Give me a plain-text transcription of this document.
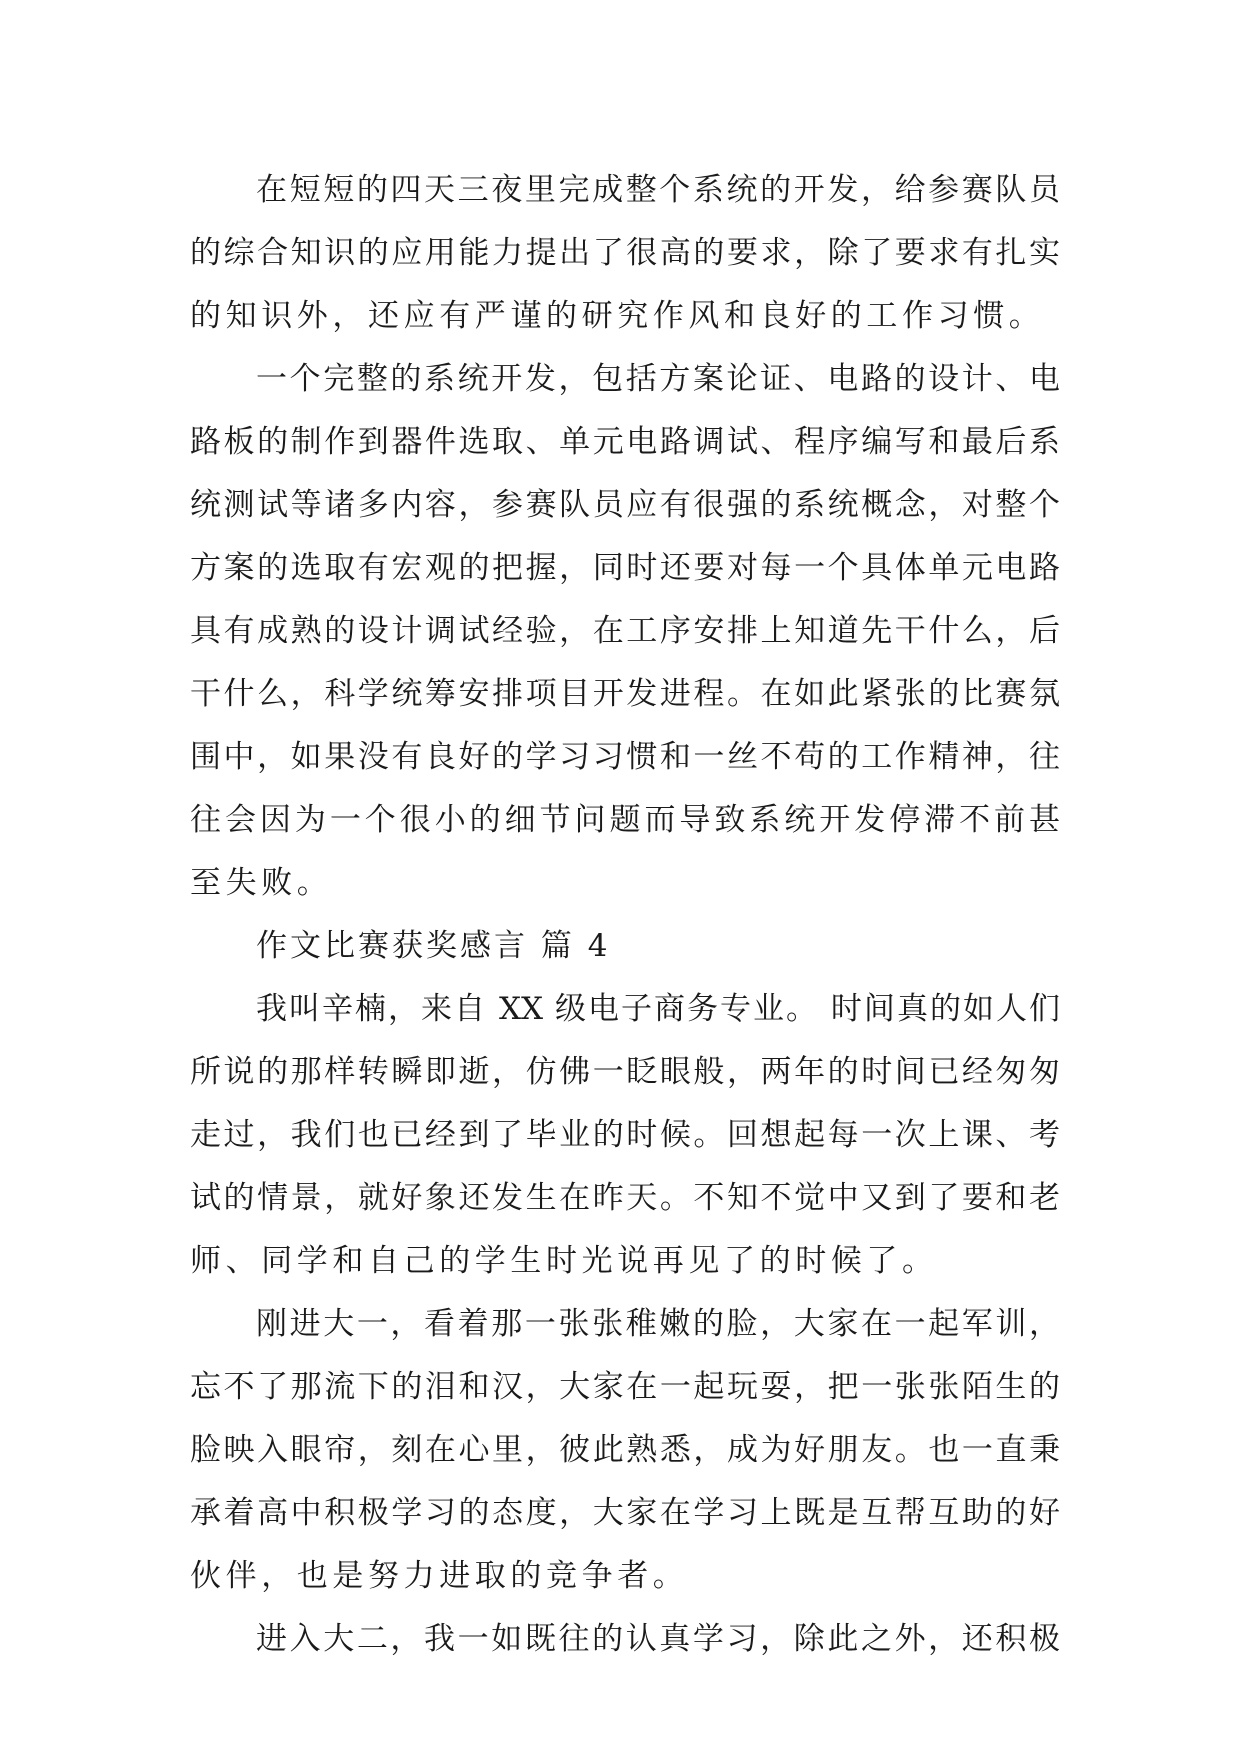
在短短的四天三夜里完成整个系统的开发，给参赛队员
的综合知识的应用能力提出了很高的要求，除了要求有扎实
的知识外，还应有严谨的研究作风和良好的工作习惯。
一个完整的系统开发，包括方案论证、电路的设计、电
路板的制作到器件选取、单元电路调试、程序编写和最后系
统测试等诸多内容，参赛队员应有很强的系统概念，对整个
方案的选取有宏观的把握，同时还要对每一个具体单元电路
具有成熟的设计调试经验，在工序安排上知道先干什么，后
干什么，科学统筹安排项目开发进程。在如此紧张的比赛氛
围中，如果没有良好的学习习惯和一丝不苟的工作精神，往
往会因为一个很小的细节问题而导致系统开发停滞不前甚
至失败。
作文比赛获奖感言 篇 4
我叫辛楠，来自 XX 级电子商务专业。 时间真的如人们
所说的那样转瞬即逝，仿佛一眨眼般，两年的时间已经匆匆
走过，我们也已经到了毕业的时候。回想起每一次上课、考
试的情景，就好象还发生在昨天。不知不觉中又到了要和老
师、同学和自己的学生时光说再见了的时候了。
刚进大一，看着那一张张稚嫩的脸，大家在一起军训，
忘不了那流下的泪和汉，大家在一起玩耍，把一张张陌生的
脸映入眼帘，刻在心里，彼此熟悉，成为好朋友。也一直秉
承着高中积极学习的态度，大家在学习上既是互帮互助的好
伙伴，也是努力进取的竞争者。
进入大二，我一如既往的认真学习，除此之外，还积极
